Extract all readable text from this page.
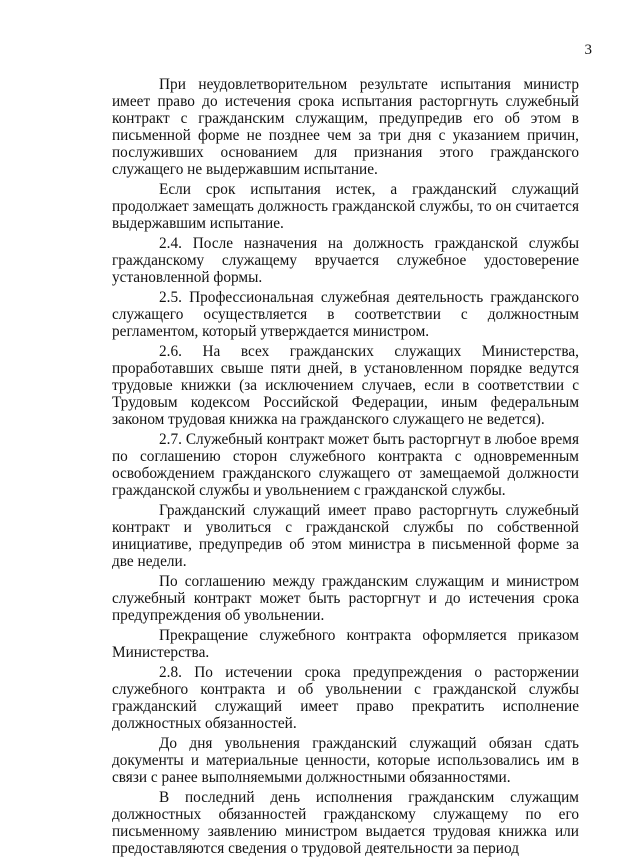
3

При неудовлетворительном результате испытания министр имеет право до истечения срока испытания расторгнуть служебный контракт с гражданским служащим, предупредив его об этом в письменной форме не позднее чем за три дня с указанием причин, послуживших основанием для признания этого гражданского служащего не выдержавшим испытание.

Если срок испытания истек, а гражданский служащий продолжает замещать должность гражданской службы, то он считается выдержавшим испытание.

2.4. После назначения на должность гражданской службы гражданскому служащему вручается служебное удостоверение установленной формы.

2.5. Профессиональная служебная деятельность гражданского служащего осуществляется в соответствии с должностным регламентом, который утверждается министром.

2.6. На всех гражданских служащих Министерства, проработавших свыше пяти дней, в установленном порядке ведутся трудовые книжки (за исключением случаев, если в соответствии с Трудовым кодексом Российской Федерации, иным федеральным законом трудовая книжка на гражданского служащего не ведется).

2.7. Служебный контракт может быть расторгнут в любое время по соглашению сторон служебного контракта с одновременным освобождением гражданского служащего от замещаемой должности гражданской службы и увольнением с гражданской службы.

Гражданский служащий имеет право расторгнуть служебный контракт и уволиться с гражданской службы по собственной инициативе, предупредив об этом министра в письменной форме за две недели.

По соглашению между гражданским служащим и министром служебный контракт может быть расторгнут и до истечения срока предупреждения об увольнении.

Прекращение служебного контракта оформляется приказом Министерства.

2.8. По истечении срока предупреждения о расторжении служебного контракта и об увольнении с гражданской службы гражданский служащий имеет право прекратить исполнение должностных обязанностей.

До дня увольнения гражданский служащий обязан сдать документы и материальные ценности, которые использовались им в связи с ранее выполняемыми должностными обязанностями.

В последний день исполнения гражданским служащим должностных обязанностей гражданскому служащему по его письменному заявлению министром выдается трудовая книжка или предоставляются сведения о трудовой деятельности за период
